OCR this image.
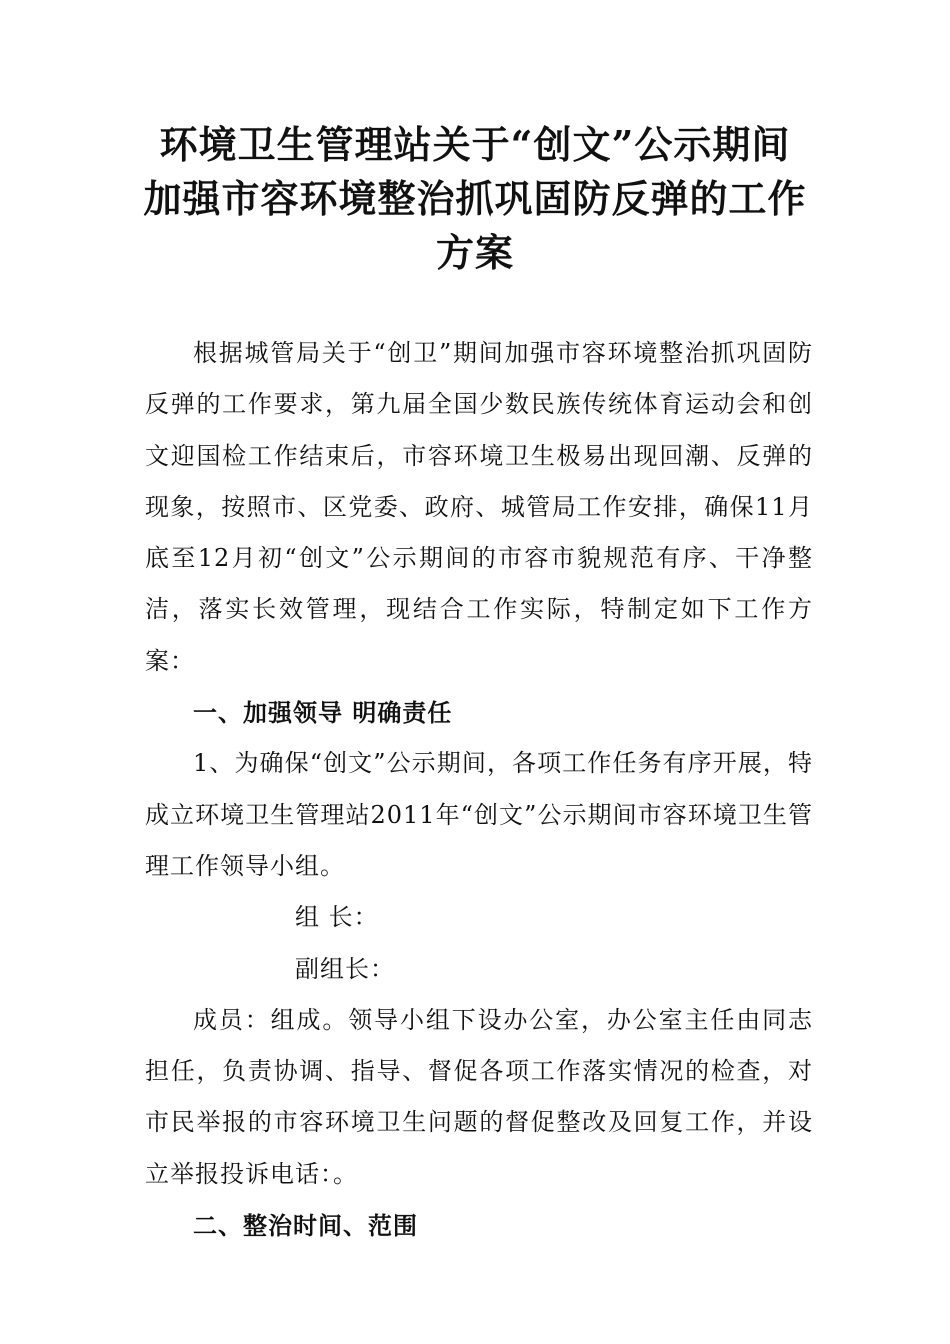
环境卫生管理站关于“创文”公示期间
加强市容环境整治抓巩固防反弹的工作
方案

根据城管局关于“创卫”期间加强市容环境整治抓巩固防反弹的工作要求，第九届全国少数民族传统体育运动会和创文迎国检工作结束后，市容环境卫生极易出现回潮、反弹的现象，按照市、区党委、政府、城管局工作安排，确保11月底至12月初“创文”公示期间的市容市貌规范有序、干净整洁，落实长效管理，现结合工作实际，特制定如下工作方案：

一、加强领导 明确责任

1、为确保“创文”公示期间，各项工作任务有序开展，特成立环境卫生管理站2011年“创文”公示期间市容环境卫生管理工作领导小组。

组 长：

副组长：

成员：组成。领导小组下设办公室，办公室主任由同志担任，负责协调、指导、督促各项工作落实情况的检查，对市民举报的市容环境卫生问题的督促整改及回复工作，并设立举报投诉电话：。

二、整治时间、范围
